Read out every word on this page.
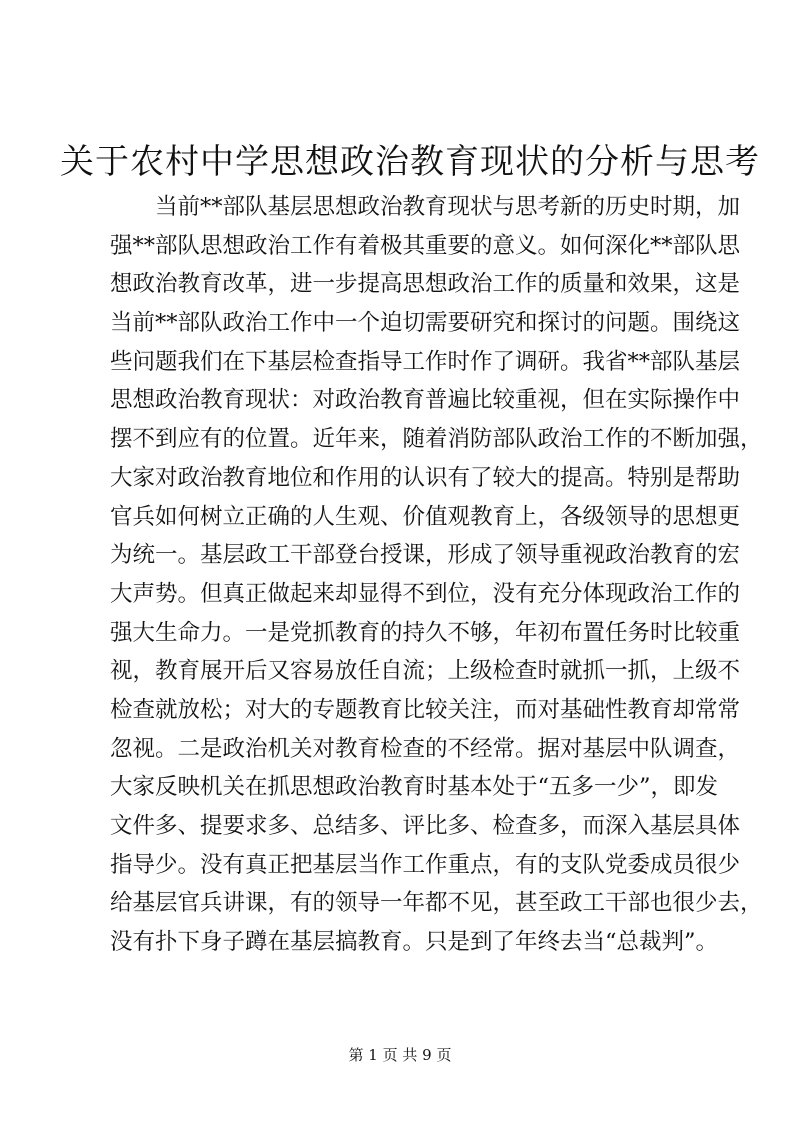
关于农村中学思想政治教育现状的分析与思考
当前**部队基层思想政治教育现状与思考新的历史时期，加
强**部队思想政治工作有着极其重要的意义。如何深化**部队思
想政治教育改革，进一步提高思想政治工作的质量和效果，这是
当前**部队政治工作中一个迫切需要研究和探讨的问题。围绕这
些问题我们在下基层检查指导工作时作了调研。我省**部队基层
思想政治教育现状：对政治教育普遍比较重视，但在实际操作中
摆不到应有的位置。近年来，随着消防部队政治工作的不断加强，
大家对政治教育地位和作用的认识有了较大的提高。特别是帮助
官兵如何树立正确的人生观、价值观教育上，各级领导的思想更
为统一。基层政工干部登台授课，形成了领导重视政治教育的宏
大声势。但真正做起来却显得不到位，没有充分体现政治工作的
强大生命力。一是党抓教育的持久不够，年初布置任务时比较重
视，教育展开后又容易放任自流；上级检查时就抓一抓，上级不
检查就放松；对大的专题教育比较关注，而对基础性教育却常常
忽视。二是政治机关对教育检查的不经常。据对基层中队调查，
大家反映机关在抓思想政治教育时基本处于“五多一少”，即发
文件多、提要求多、总结多、评比多、检查多，而深入基层具体
指导少。没有真正把基层当作工作重点，有的支队党委成员很少
给基层官兵讲课，有的领导一年都不见，甚至政工干部也很少去，
没有扑下身子蹲在基层搞教育。只是到了年终去当“总裁判”。
第 1 页 共 9 页
